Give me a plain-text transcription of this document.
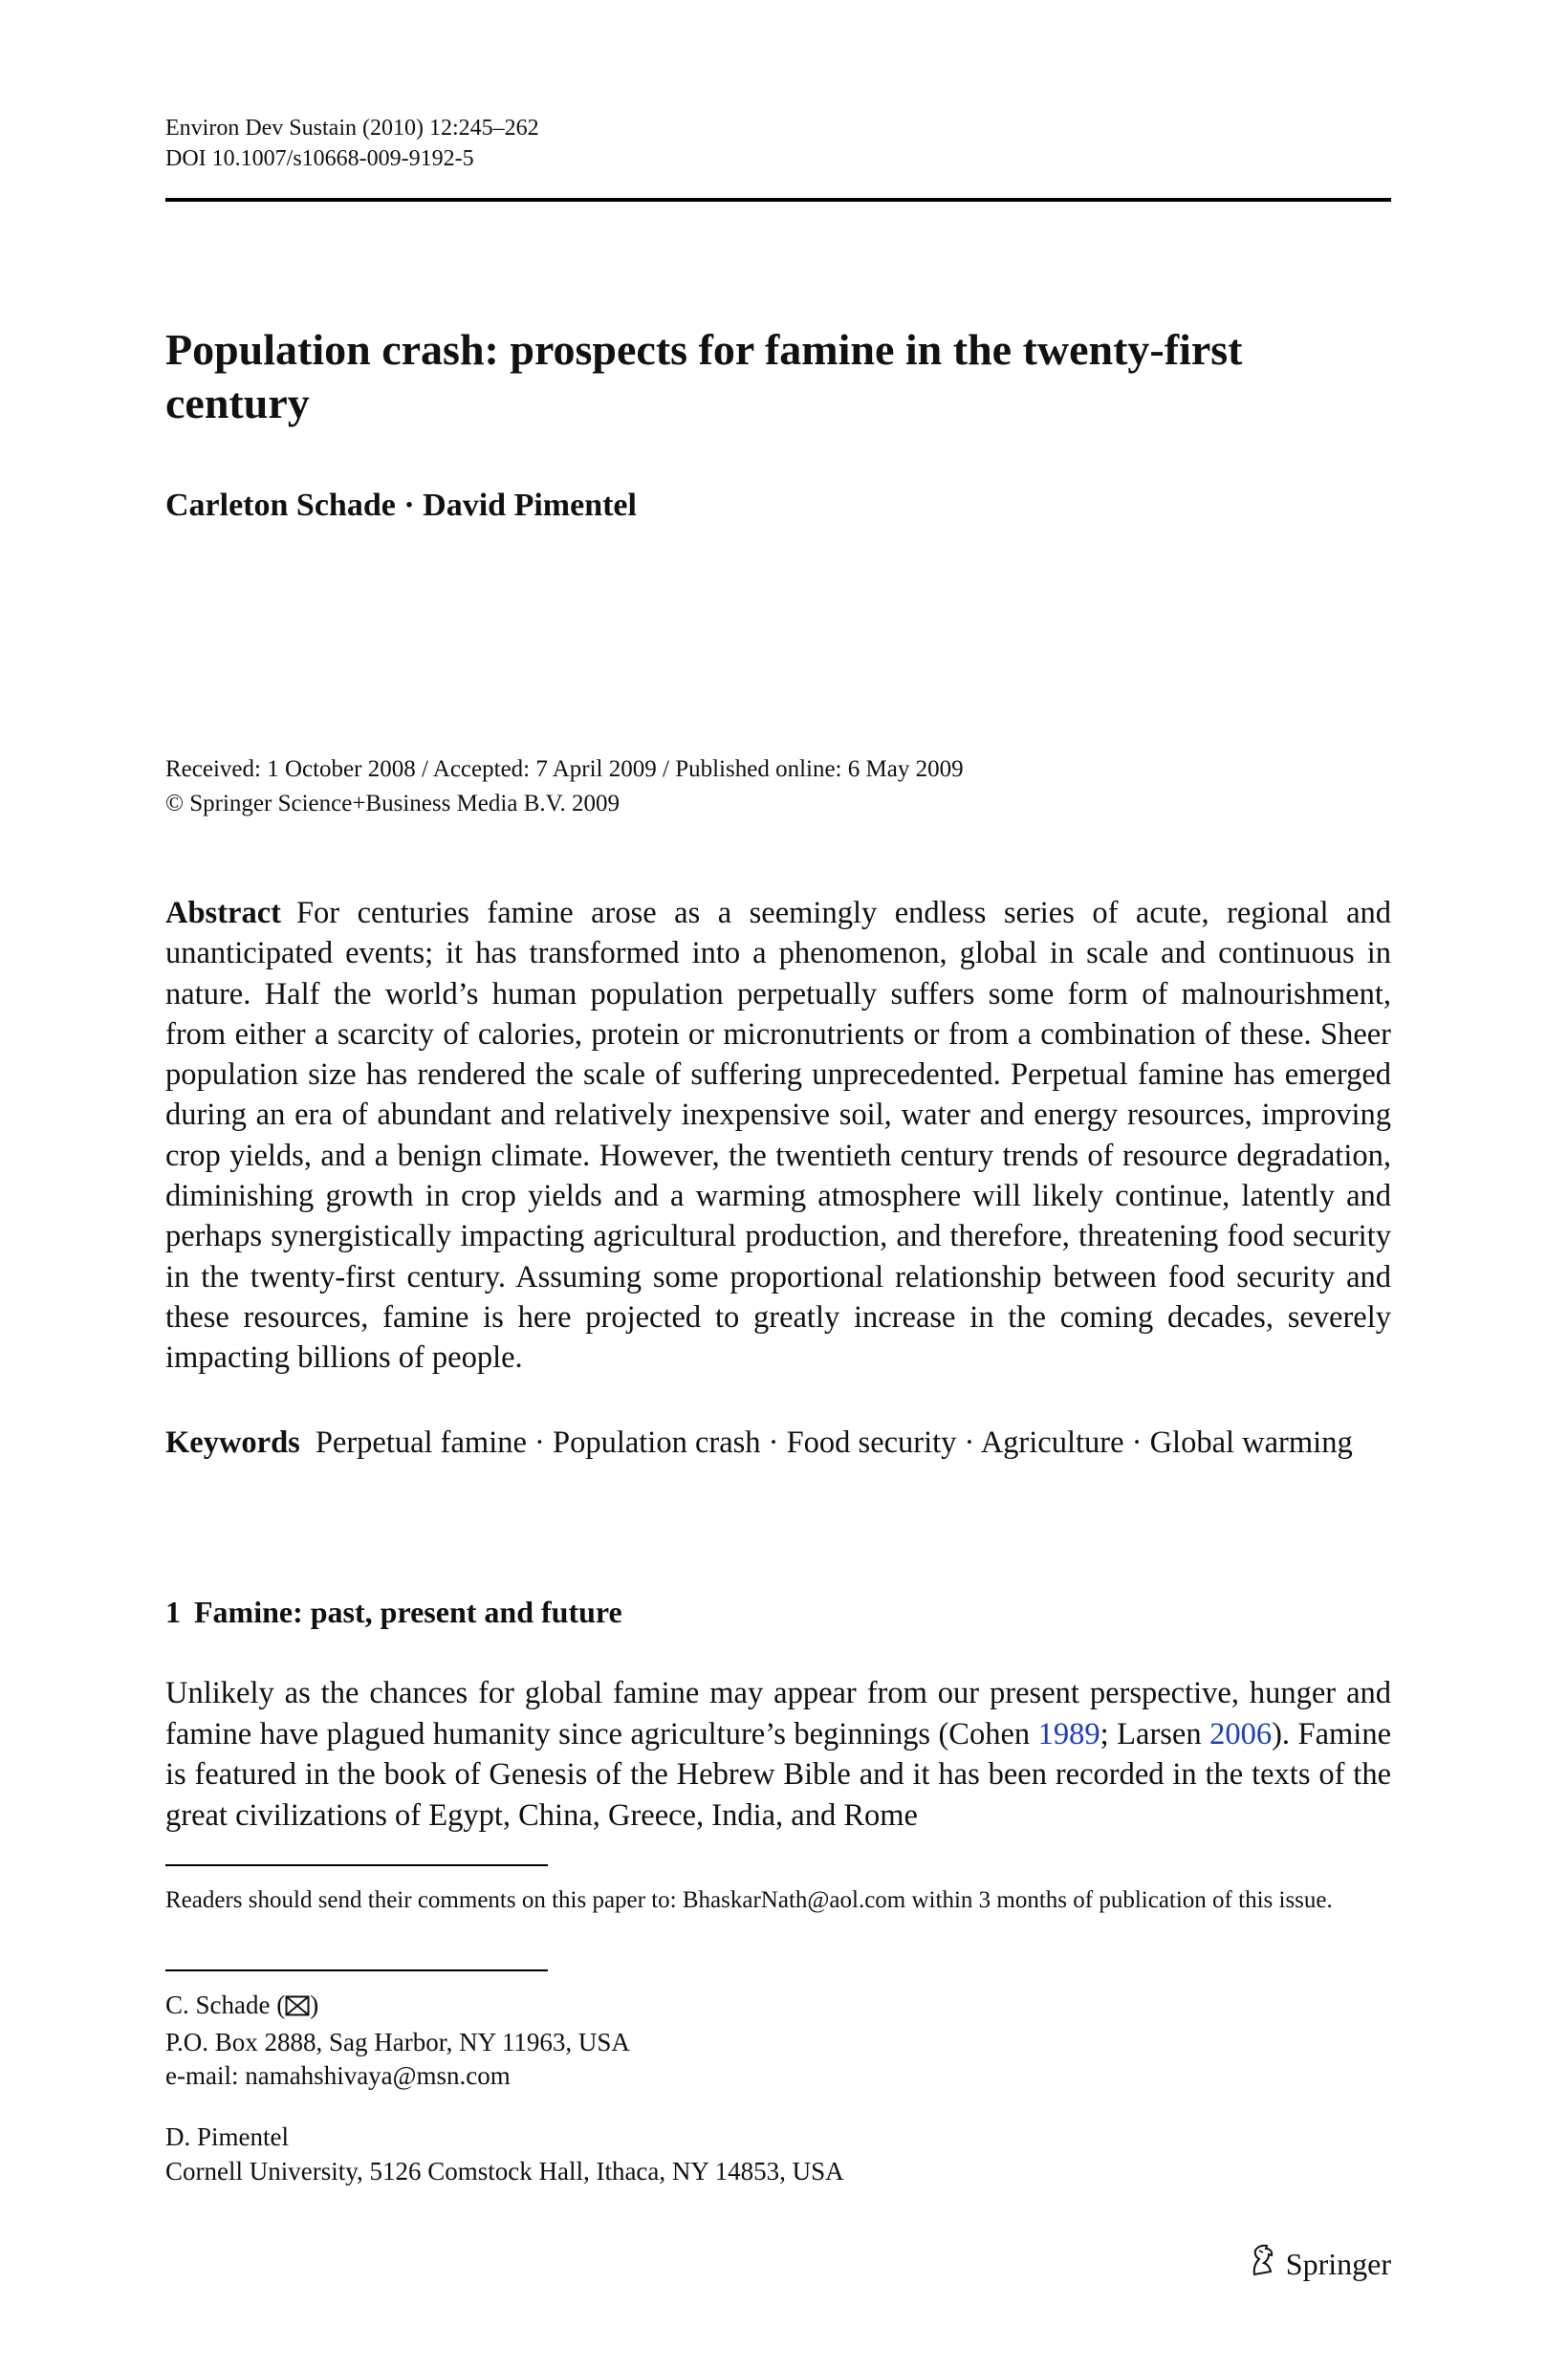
Environ Dev Sustain (2010) 12:245–262
DOI 10.1007/s10668-009-9192-5
Population crash: prospects for famine in the twenty-first
century
Carleton Schade · David Pimentel
Received: 1 October 2008 / Accepted: 7 April 2009 / Published online: 6 May 2009
© Springer Science+Business Media B.V. 2009
Abstract For centuries famine arose as a seemingly endless series of acute, regional and unanticipated events; it has transformed into a phenomenon, global in scale and continuous in nature. Half the world’s human population perpetually suffers some form of malnourishment, from either a scarcity of calories, protein or micronutrients or from a combination of these. Sheer population size has rendered the scale of suffering unprecedented. Perpetual famine has emerged during an era of abundant and relatively inexpensive soil, water and energy resources, improving crop yields, and a benign climate. However, the twentieth century trends of resource degradation, diminishing growth in crop yields and a warming atmosphere will likely continue, latently and perhaps synergistically impacting agricultural production, and therefore, threatening food security in the twenty-first century. Assuming some proportional relationship between food security and these resources, famine is here projected to greatly increase in the coming decades, severely impacting billions of people.
Keywords Perpetual famine · Population crash · Food security · Agriculture · Global warming
1 Famine: past, present and future
Unlikely as the chances for global famine may appear from our present perspective, hunger and famine have plagued humanity since agriculture’s beginnings (Cohen 1989; Larsen 2006). Famine is featured in the book of Genesis of the Hebrew Bible and it has been recorded in the texts of the great civilizations of Egypt, China, Greece, India, and Rome
Readers should send their comments on this paper to: BhaskarNath@aol.com within 3 months of publication of this issue.
C. Schade ( )
P.O. Box 2888, Sag Harbor, NY 11963, USA
e-mail: namahshivaya@msn.com
D. Pimentel
Cornell University, 5126 Comstock Hall, Ithaca, NY 14853, USA
Springer
